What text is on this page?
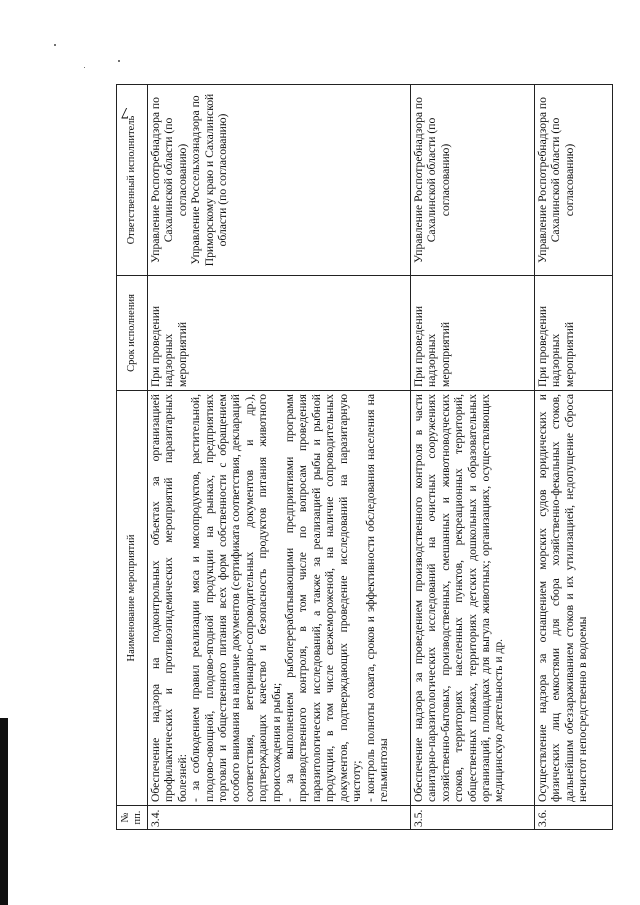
7
№ пп.	Наименование мероприятий	Срок исполнения	Ответственный исполнитель
3.4.	Обеспечение надзора на подконтрольных объектах за организацией профилактических и противоэпидемических мероприятий паразитарных болезней: - за соблюдением правил реализации мяса и мясопродуктов, растительной, плодово-овощной, плодово-ягодной продукции на рынках, предприятиях торговли и общественного питания всех форм собственности с обращением особого внимания на наличие документов (сертификата соответствия, деклараций соответствия, ветеринарно-сопроводительных документов и др.), подтверждающих качество и безопасность продуктов питания животного происхождения и рыбы; - за выполнением рыбоперерабатывающими предприятиями программ производственного контроля, в том числе по вопросам проведения паразитологических исследований, а также за реализацией рыбы и рыбной продукции, в том числе свежемороженой, на наличие сопроводительных документов, подтверждающих проведение исследований на паразитарную чистоту; - контроль полноты охвата, сроков и эффективности обследования населения на гельминтозы	При проведении надзорных мероприятий	Управление Роспотребнадзора по Сахалинской области (по согласованию) Управление Россельхознадзора по Приморскому краю и Сахалинской области (по согласованию)

3.5.	Обеспечение надзора за проведением производственного контроля в части санитарно-паразитологических исследований на очистных сооружениях хозяйственно-бытовых, производственных, смешанных и животноводческих стоков, территориях населенных пунктов, рекреационных территорий, общественных пляжах, территориях детских дошкольных и образовательных организаций, площадках для выгула животных; организациях, осуществляющих медицинскую деятельность и др.	При проведении надзорных мероприятий	Управление Роспотребнадзора по Сахалинской области (по согласованию)

3.6.	Осуществление надзора за оснащением морских судов юридических и физических лиц емкостями для сбора хозяйственно-фекальных стоков, дальнейшим обеззараживанием стоков и их утилизацией, недопущение сброса нечистот непосредственно в водоемы	При проведении надзорных мероприятий	Управление Роспотребнадзора по Сахалинской области (по согласованию)
